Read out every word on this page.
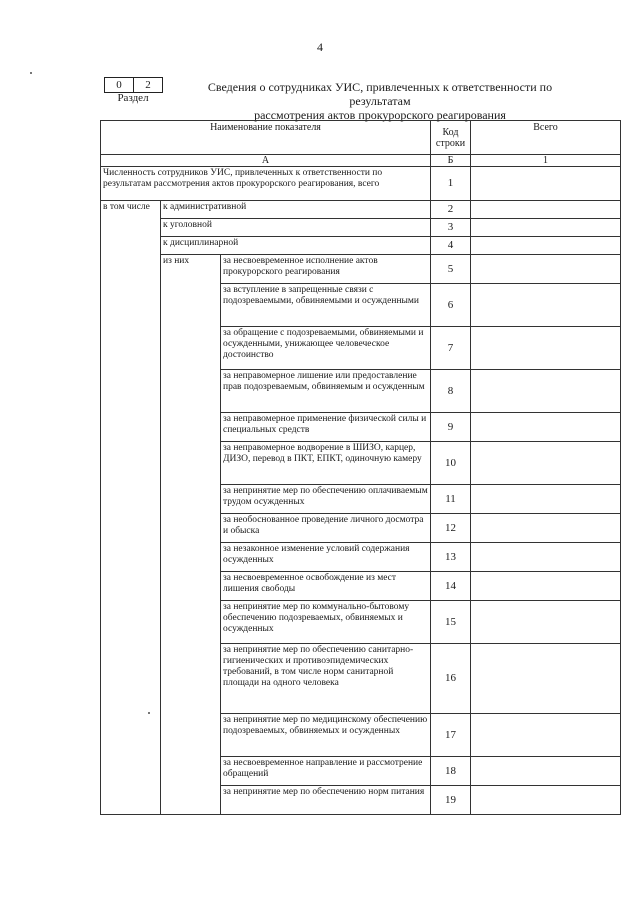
4
0	2
Раздел
Сведения о сотрудниках УИС, привлеченных к ответственности по результатам
рассмотрения актов прокурорского реагирования
Наименование показателя			Код строки	Всего
А			Б	1
Численность сотрудников УИС, привлеченных к ответственности по результатам рассмотрения актов прокурорского реагирования, всего			1	
в том числе	к административной		2	
	к уголовной		3	
	к дисциплинарной		4	
	из них	за несвоевременное исполнение актов прокурорского реагирования	5	
		за вступление в запрещенные связи с подозреваемыми, обвиняемыми и осужденными	6	
		за обращение с подозреваемыми, обвиняемыми и осужденными, унижающее человеческое достоинство	7	
		за неправомерное лишение или предоставление прав подозреваемым, обвиняемым и осужденным	8	
		за неправомерное применение физической силы и специальных средств	9	
		за неправомерное водворение в ШИЗО, карцер, ДИЗО, перевод в ПКТ, ЕПКТ, одиночную камеру	10	
		за непринятие мер по обеспечению оплачиваемым трудом осужденных	11	
		за необоснованное проведение личного досмотра и обыска	12	
		за незаконное изменение условий содержания осужденных	13	
		за несвоевременное освобождение из мест лишения свободы	14	
		за непринятие мер по коммунально-бытовому обеспечению подозреваемых, обвиняемых и осужденных	15	
		за непринятие мер по обеспечению санитарно-гигиенических и противоэпидемических требований, в том числе норм санитарной площади на одного человека	16	
		за непринятие мер по медицинскому обеспечению подозреваемых, обвиняемых и осужденных	17	
		за несвоевременное направление и рассмотрение обращений	18	
		за непринятие мер по обеспечению норм питания	19	
